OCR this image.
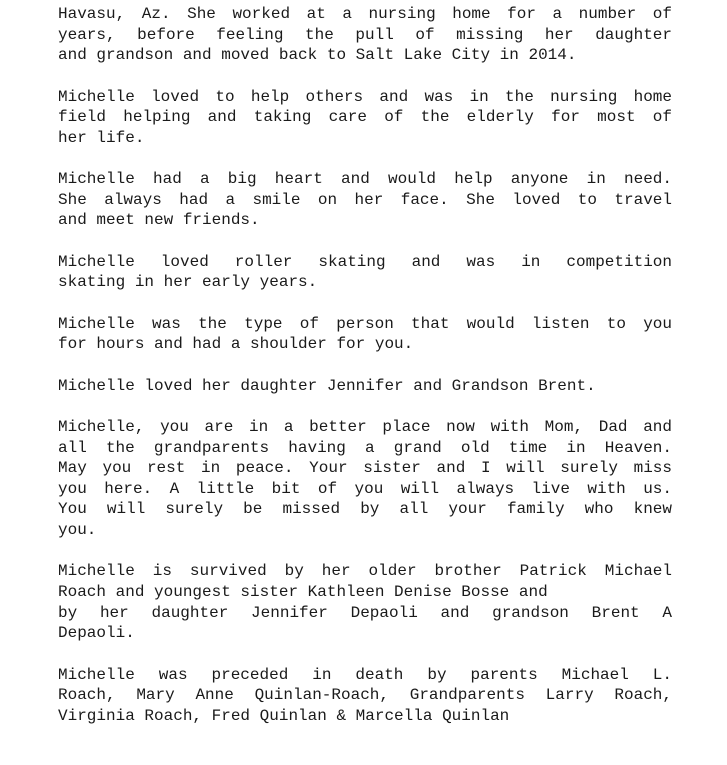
Havasu, Az. She worked at a nursing home for a number of
years, before feeling the pull of missing her daughter
and grandson and moved back to Salt Lake City in 2014.

Michelle loved to help others and was in the nursing home
field helping and taking care of the elderly for most of
her life.

Michelle had a big heart and would help anyone in need.
She always had a smile on her face. She loved to travel
and meet new friends.

Michelle loved roller skating and was in competition
skating in her early years.

Michelle was the type of person that would listen to you
for hours and had a shoulder for you.

Michelle loved her daughter Jennifer and Grandson Brent.

Michelle, you are in a better place now with Mom, Dad and
all the grandparents having a grand old time in Heaven.
May you rest in peace. Your sister and I will surely miss
you here. A little bit of you will always live with us.
You will surely be missed by all your family who knew
you.

Michelle is survived by her older brother Patrick Michael
Roach and youngest sister Kathleen Denise Bosse and
by her daughter Jennifer Depaoli and grandson Brent A
Depaoli.

Michelle was preceded in death by parents Michael L.
Roach, Mary Anne Quinlan-Roach, Grandparents Larry Roach,
Virginia Roach, Fred Quinlan & Marcella Quinlan
